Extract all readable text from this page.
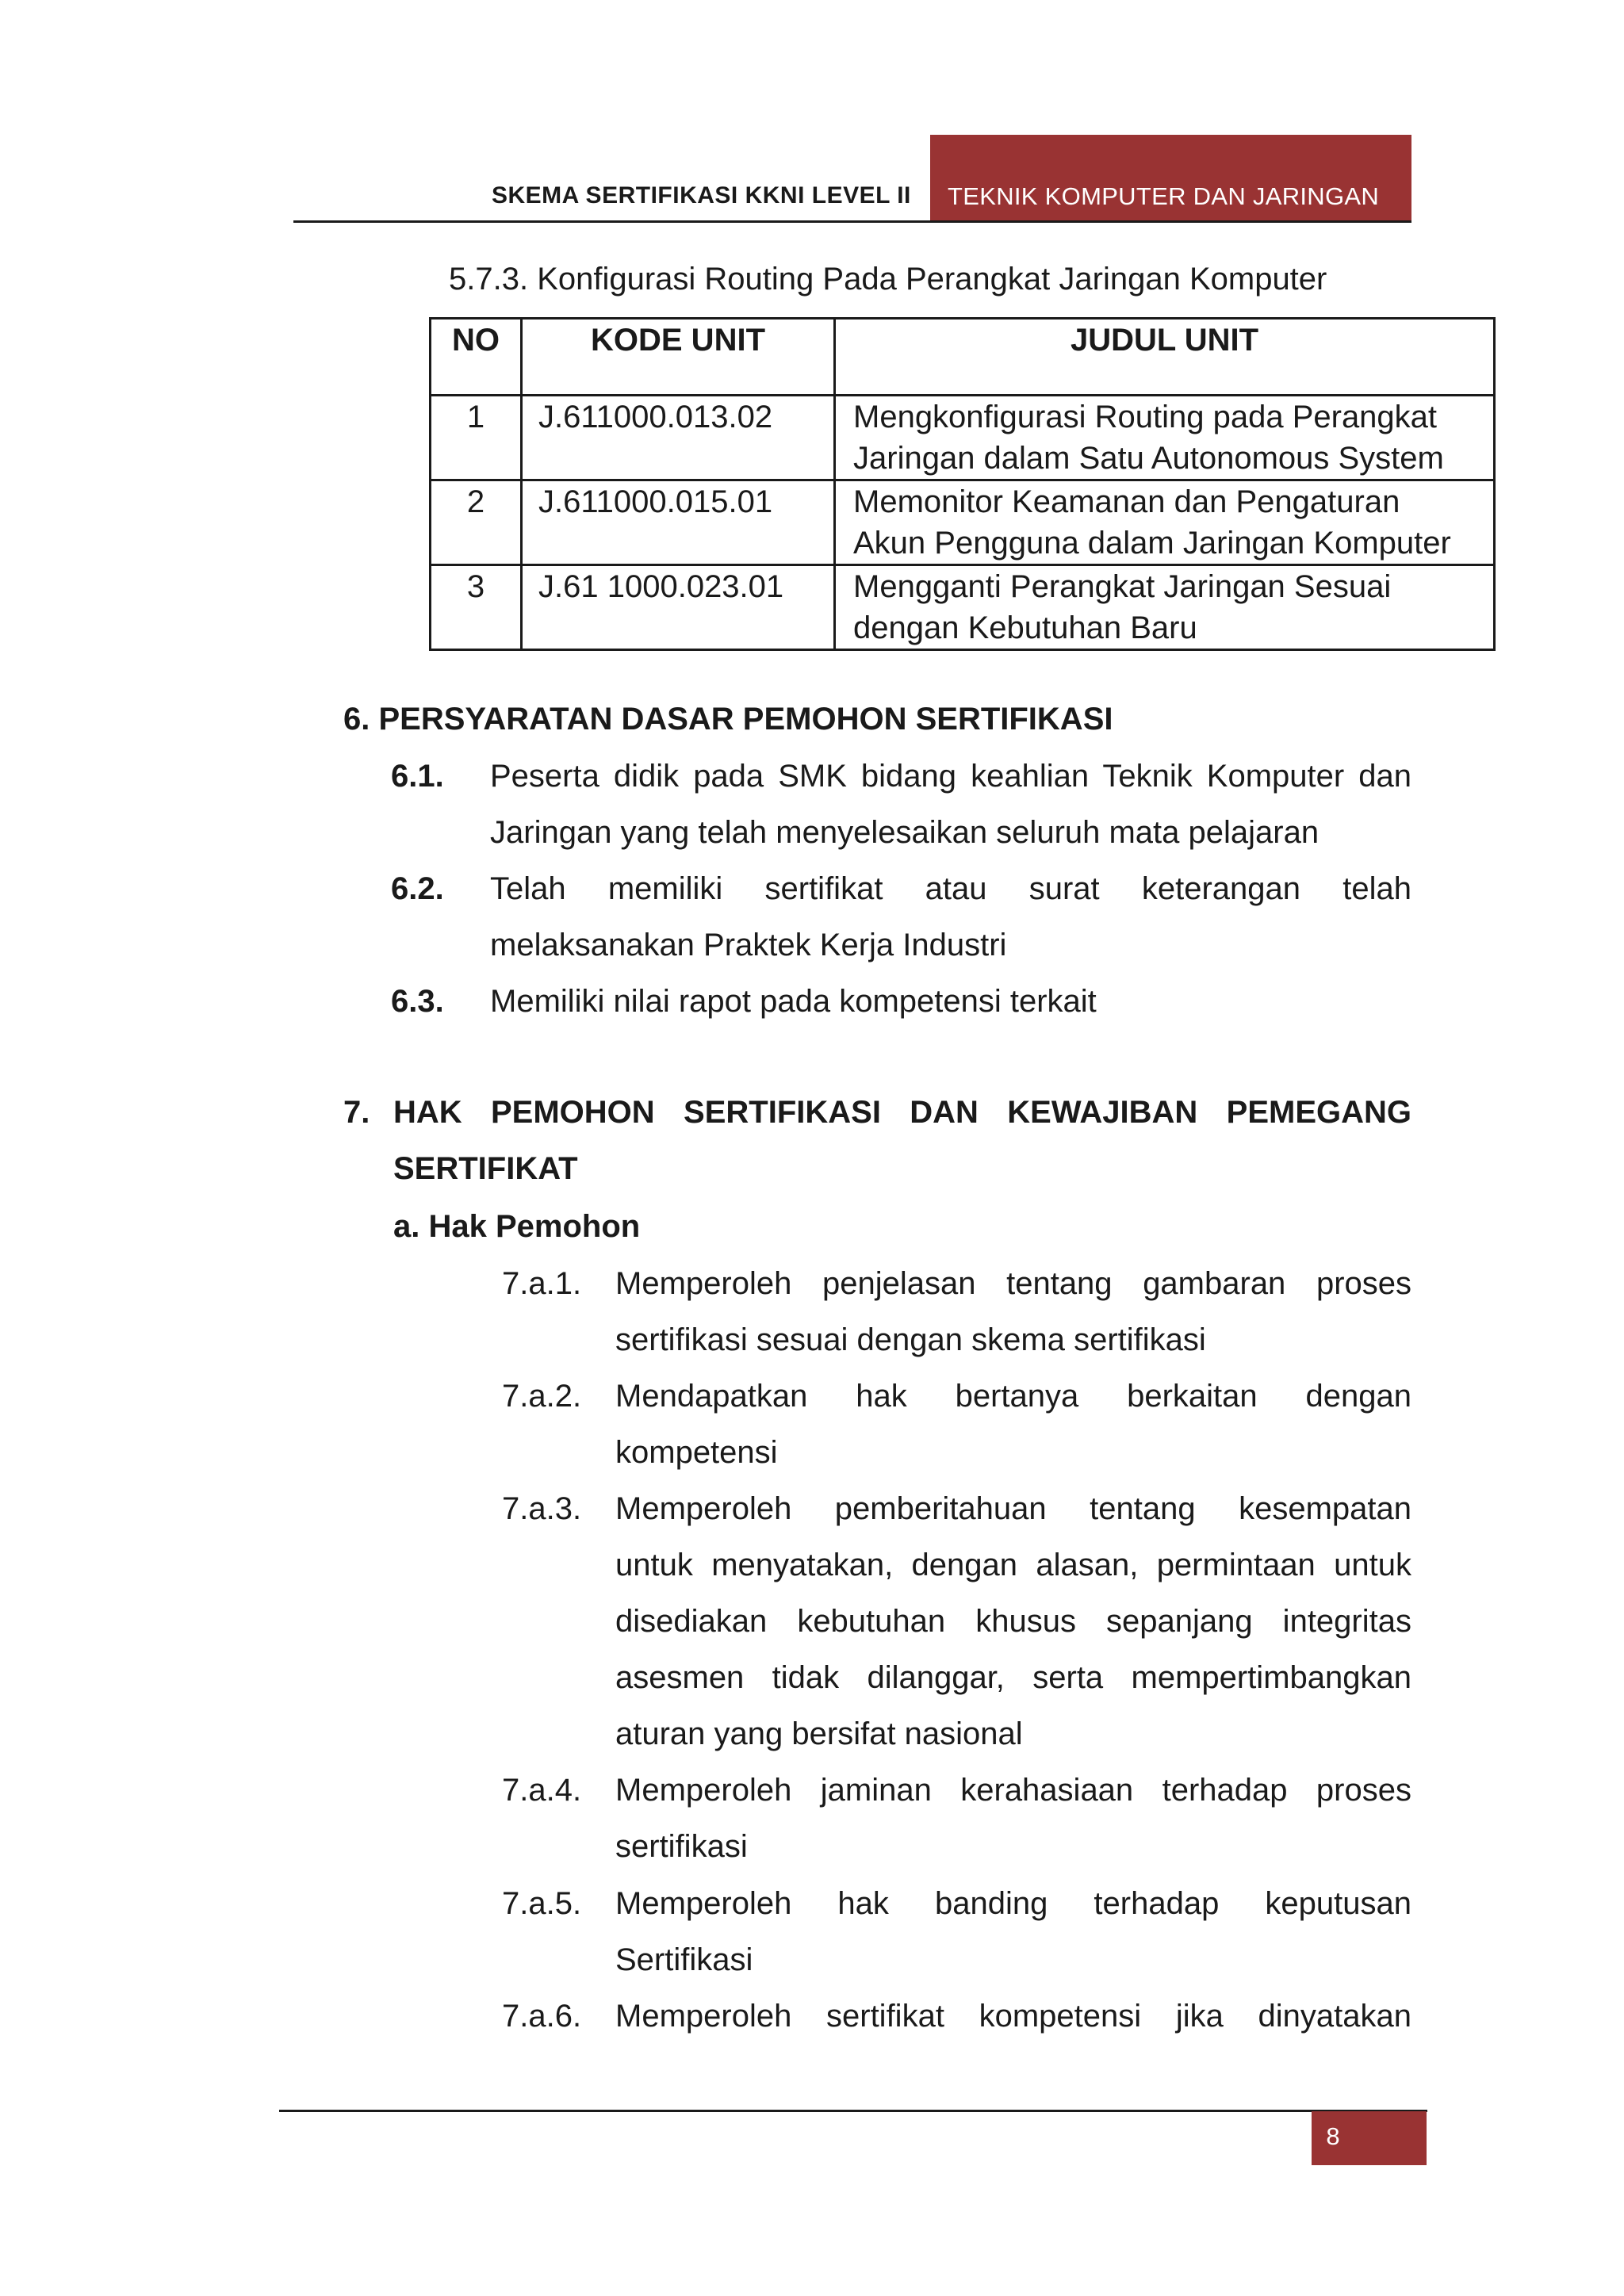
SKEMA SERTIFIKASI KKNI LEVEL II TEKNIK KOMPUTER DAN JARINGAN
5.7.3. Konfigurasi Routing Pada Perangkat Jaringan Komputer
NO	KODE UNIT	JUDUL UNIT
1	J.611000.013.02	Mengkonfigurasi Routing pada Perangkat
Jaringan dalam Satu Autonomous System

2	J.611000.015.01	Memonitor Keamanan dan Pengaturan
Akun Pengguna dalam Jaringan Komputer

3	J.61 1000.023.01	Mengganti Perangkat Jaringan Sesuai
dengan Kebutuhan Baru
6. PERSYARATAN DASAR PEMOHON SERTIFIKASI
6.1. Peserta didik pada SMK bidang keahlian Teknik Komputer dan
Jaringan yang telah menyelesaikan seluruh mata pelajaran
6.2. Telah memiliki sertifikat atau surat keterangan telah
melaksanakan Praktek Kerja Industri
6.3. Memiliki nilai rapot pada kompetensi terkait
7. HAK PEMOHON SERTIFIKASI DAN KEWAJIBAN PEMEGANG
SERTIFIKAT
a. Hak Pemohon
7.a.1. Memperoleh penjelasan tentang gambaran proses
sertifikasi sesuai dengan skema sertifikasi
7.a.2. Mendapatkan hak bertanya berkaitan dengan
kompetensi
7.a.3. Memperoleh pemberitahuan tentang kesempatan
untuk menyatakan, dengan alasan, permintaan untuk
disediakan kebutuhan khusus sepanjang integritas
asesmen tidak dilanggar, serta mempertimbangkan
aturan yang bersifat nasional
7.a.4. Memperoleh jaminan kerahasiaan terhadap proses
sertifikasi
7.a.5. Memperoleh hak banding terhadap keputusan
Sertifikasi
7.a.6. Memperoleh sertifikat kompetensi jika dinyatakan
8
